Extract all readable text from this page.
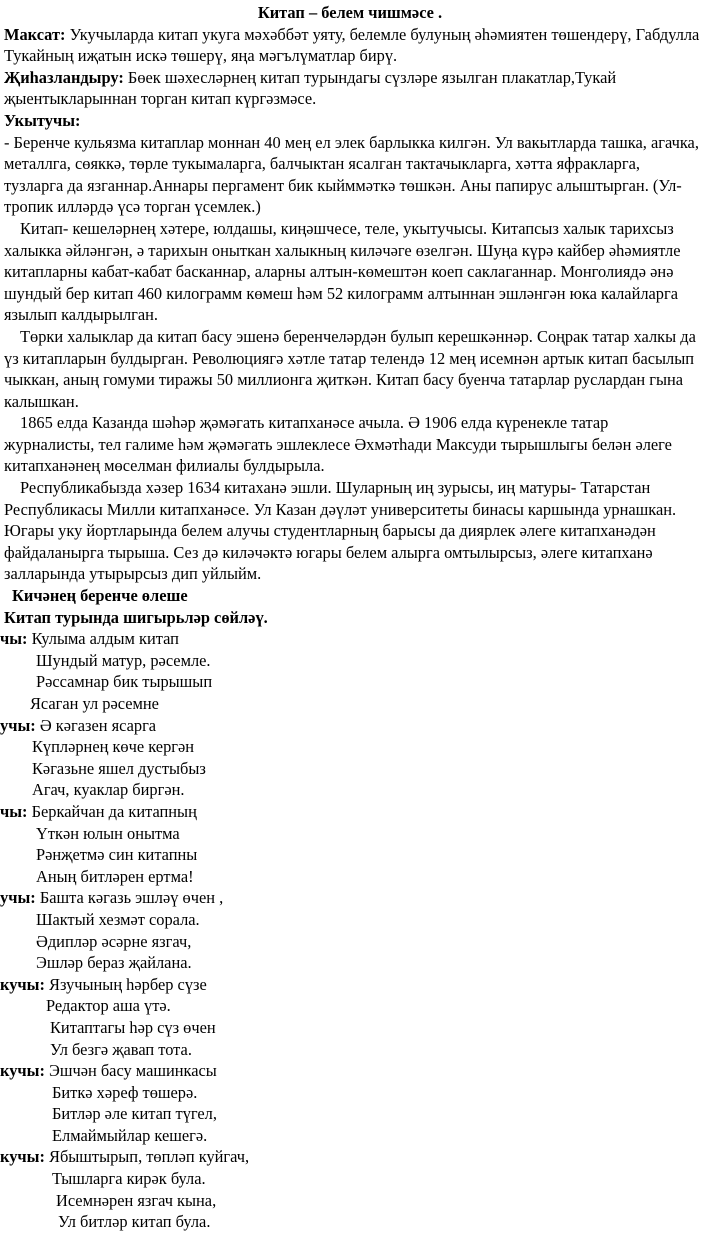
Китап – белем чишмәсе .

Максат: Укучыларда китап укуга мәхәббәт уяту, белемле булуның әһәмиятен төшендерү, Габдулла Тукайның иҗатын искә төшерү, яңа мәгълүматлар бирү.

Җиһазландыру: Бөек шәхесләрнең китап турындагы сүзләре язылган плакатлар,Тукай җыентыкларыннан торган китап күргәзмәсе.

Укытучы:

- Беренче кульязма китаплар моннан 40 мең ел элек барлыкка килгән. Ул вакытларда ташка, агачка, металлга, сөяккә, төрле тукымаларга, балчыктан ясалган тактачыкларга, хәтта яфракларга, тузларга да язганнар.Аннары пергамент бик кыйммәткә төшкән. Аны папирус алыштырган. (Ул- тропик илләрдә үсә торган үсемлек.)

Китап- кешеләрнең хәтере, юлдашы, киңәшчесе, теле, укытучысы. Китапсыз халык тарихсыз халыкка әйләнгән, ә тарихын оныткан халыкның киләчәге өзелгән. Шуңа күрә кайбер әһәмиятле китапларны кабат-кабат басканнар, аларны алтын-көмештән коеп саклаганнар. Монголиядә әнә шундый бер китап 460 килограмм көмеш һәм 52 килограмм алтыннан эшләнгән юка калайларга язылып калдырылган.

Төрки халыклар да китап басу эшенә беренчеләрдән булып керешкәннәр. Соңрак татар халкы да үз китапларын булдырган. Революциягә хәтле татар телендә 12 мең исемнән артык китап басылып чыккан, аның гомуми тиражы 50 миллионга җиткән. Китап басу буенча татарлар руслардан гына калышкан.

1865 елда Казанда шәһәр җәмәгать китапханәсе ачыла. Ә 1906 елда күренекле татар журналисты, тел галиме һәм җәмәгать эшлеклесе Әхмәтһади Максуди тырышлыгы белән әлеге китапханәнең мөселман филиалы булдырыла.

Республикабызда хәзер 1634 китаханә эшли. Шуларның иң зурысы, иң матуры- Татарстан Республикасы Милли китапханәсе. Ул Казан дәүләт университеты бинасы каршында урнашкан. Югары уку йортларында белем алучы студентларның барысы да диярлек әлеге китапханәдән файдаланырга тырыша. Сез дә киләчәктә югары белем алырга омтылырсыз, әлеге китапханә залларында утырырсыз дип уйлыйм.

Кичәнең беренче өлеше

Китап турында шигырьләр сөйләү.

чы: Кулыма алдым китап

Шундый матур, рәсемле.

Рәссамнар бик тырышып

Ясаган ул рәсемне

учы: Ә кәгазен ясарга

Күпләрнең көче кергән

Кәгазьне яшел дустыбыз

Агач, куаклар биргән.

чы: Беркайчан да китапның

Үткән юлын онытма

Рәнҗетмә син китапны

Аның битләрен ертма!

учы: Башта кәгазь эшләү өчен ,

Шактый хезмәт сорала.

Әдипләр әсәрне язгач,

Эшләр бераз җайлана.

кучы: Язучының һәрбер сүзе

Редактор аша үтә.

Китаптагы һәр сүз өчен

Ул безгә җавап тота.

кучы: Эшчән басу машинкасы

Биткә хәреф төшерә.

Битләр әле китап түгел,

Елмаймыйлар кешегә.

кучы: Ябыштырып, төпләп куйгач,

Тышларга кирәк була.

Исемнәрен язгач кына,

Ул битләр китап була.
